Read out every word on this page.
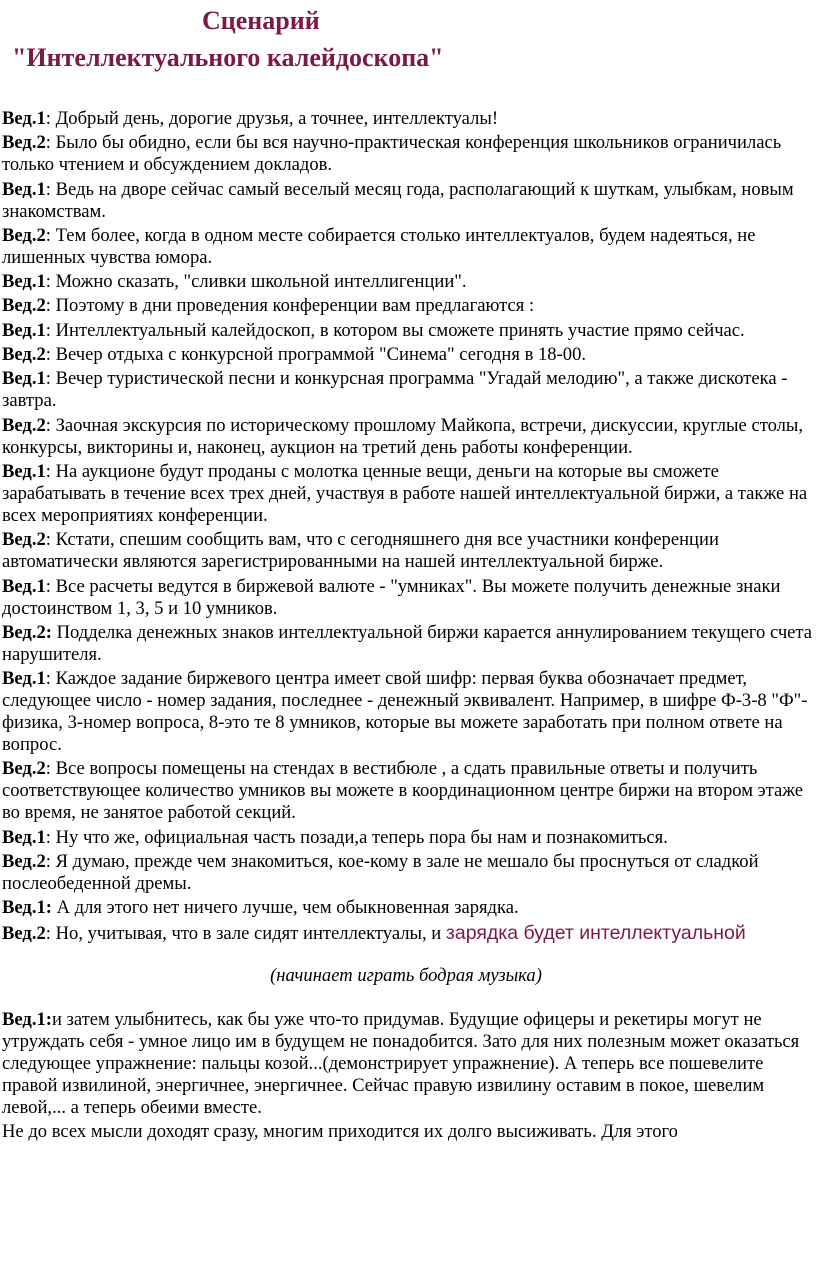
Сценарий
"Интеллектуального калейдоскопа"

Вед.1: Добрый день, дорогие друзья, а точнее, интеллектуалы!

Вед.2: Было бы обидно, если бы вся научно-практическая конференция школьников ограничилась только чтением и обсуждением докладов.

Вед.1: Ведь на дворе сейчас самый веселый месяц года, располагающий к шуткам, улыбкам, новым знакомствам.

Вед.2: Тем более, когда в одном месте собирается столько интеллектуалов, будем надеяться, не лишенных чувства юмора.

Вед.1: Можно сказать, "сливки школьной интеллигенции".

Вед.2: Поэтому в дни проведения конференции вам предлагаются :

Вед.1: Интеллектуальный калейдоскоп, в котором вы сможете принять участие прямо сейчас.

Вед.2: Вечер отдыха с конкурсной программой "Синема" сегодня в 18-00.

Вед.1: Вечер туристической песни и конкурсная программа "Угадай мелодию", а также дискотека - завтра.

Вед.2: Заочная экскурсия по историческому прошлому Майкопа, встречи, дискуссии, круглые столы, конкурсы, викторины и, наконец, аукцион на третий день работы конференции.

Вед.1: На аукционе будут проданы с молотка ценные вещи, деньги на которые вы сможете зарабатывать в течение всех трех дней, участвуя в работе нашей интеллектуальной биржи, а также на всех мероприятиях конференции.

Вед.2: Кстати, спешим сообщить вам, что с сегодняшнего дня все участники конференции автоматически являются зарегистрированными на нашей интеллектуальной бирже.

Вед.1: Все расчеты ведутся в биржевой валюте - "умниках". Вы можете получить денежные знаки достоинством 1, 3, 5 и 10 умников.

Вед.2: Подделка денежных знаков интеллектуальной биржи карается аннулированием текущего счета нарушителя.

Вед.1: Каждое задание биржевого центра имеет свой шифр: первая буква обозначает предмет, следующее число - номер задания, последнее - денежный эквивалент. Например, в шифре Ф-3-8 "Ф"-физика, 3-номер вопроса, 8-это те 8 умников, которые вы можете заработать при полном ответе на вопрос.

Вед.2: Все вопросы помещены на стендах в вестибюле , а сдать правильные ответы и получить соответствующее количество умников вы можете в координационном центре биржи на втором этаже во время, не занятое работой секций.

Вед.1: Ну что же, официальная часть позади,а теперь пора бы нам и познакомиться.

Вед.2: Я думаю, прежде чем знакомиться, кое-кому в зале не мешало бы проснуться от сладкой послеобеденной дремы.

Вед.1: А для этого нет ничего лучше, чем обыкновенная зарядка.

Вед.2: Но, учитывая, что в зале сидят интеллектуалы, и зарядка будет интеллектуальной

(начинает играть бодрая музыка)

Вед.1:и затем улыбнитесь, как бы уже что-то придумав. Будущие офицеры и рекетиры могут не утруждать себя - умное лицо им в будущем не понадобится. Зато для них полезным может оказаться следующее упражнение: пальцы козой...(демонстрирует упражнение). А теперь все пошевелите правой извилиной, энергичнее, энергичнее. Сейчас правую извилину оставим в покое, шевелим левой,... а теперь обеими вместе.

Не до всех мысли доходят сразу, многим приходится их долго высиживать. Для этого
